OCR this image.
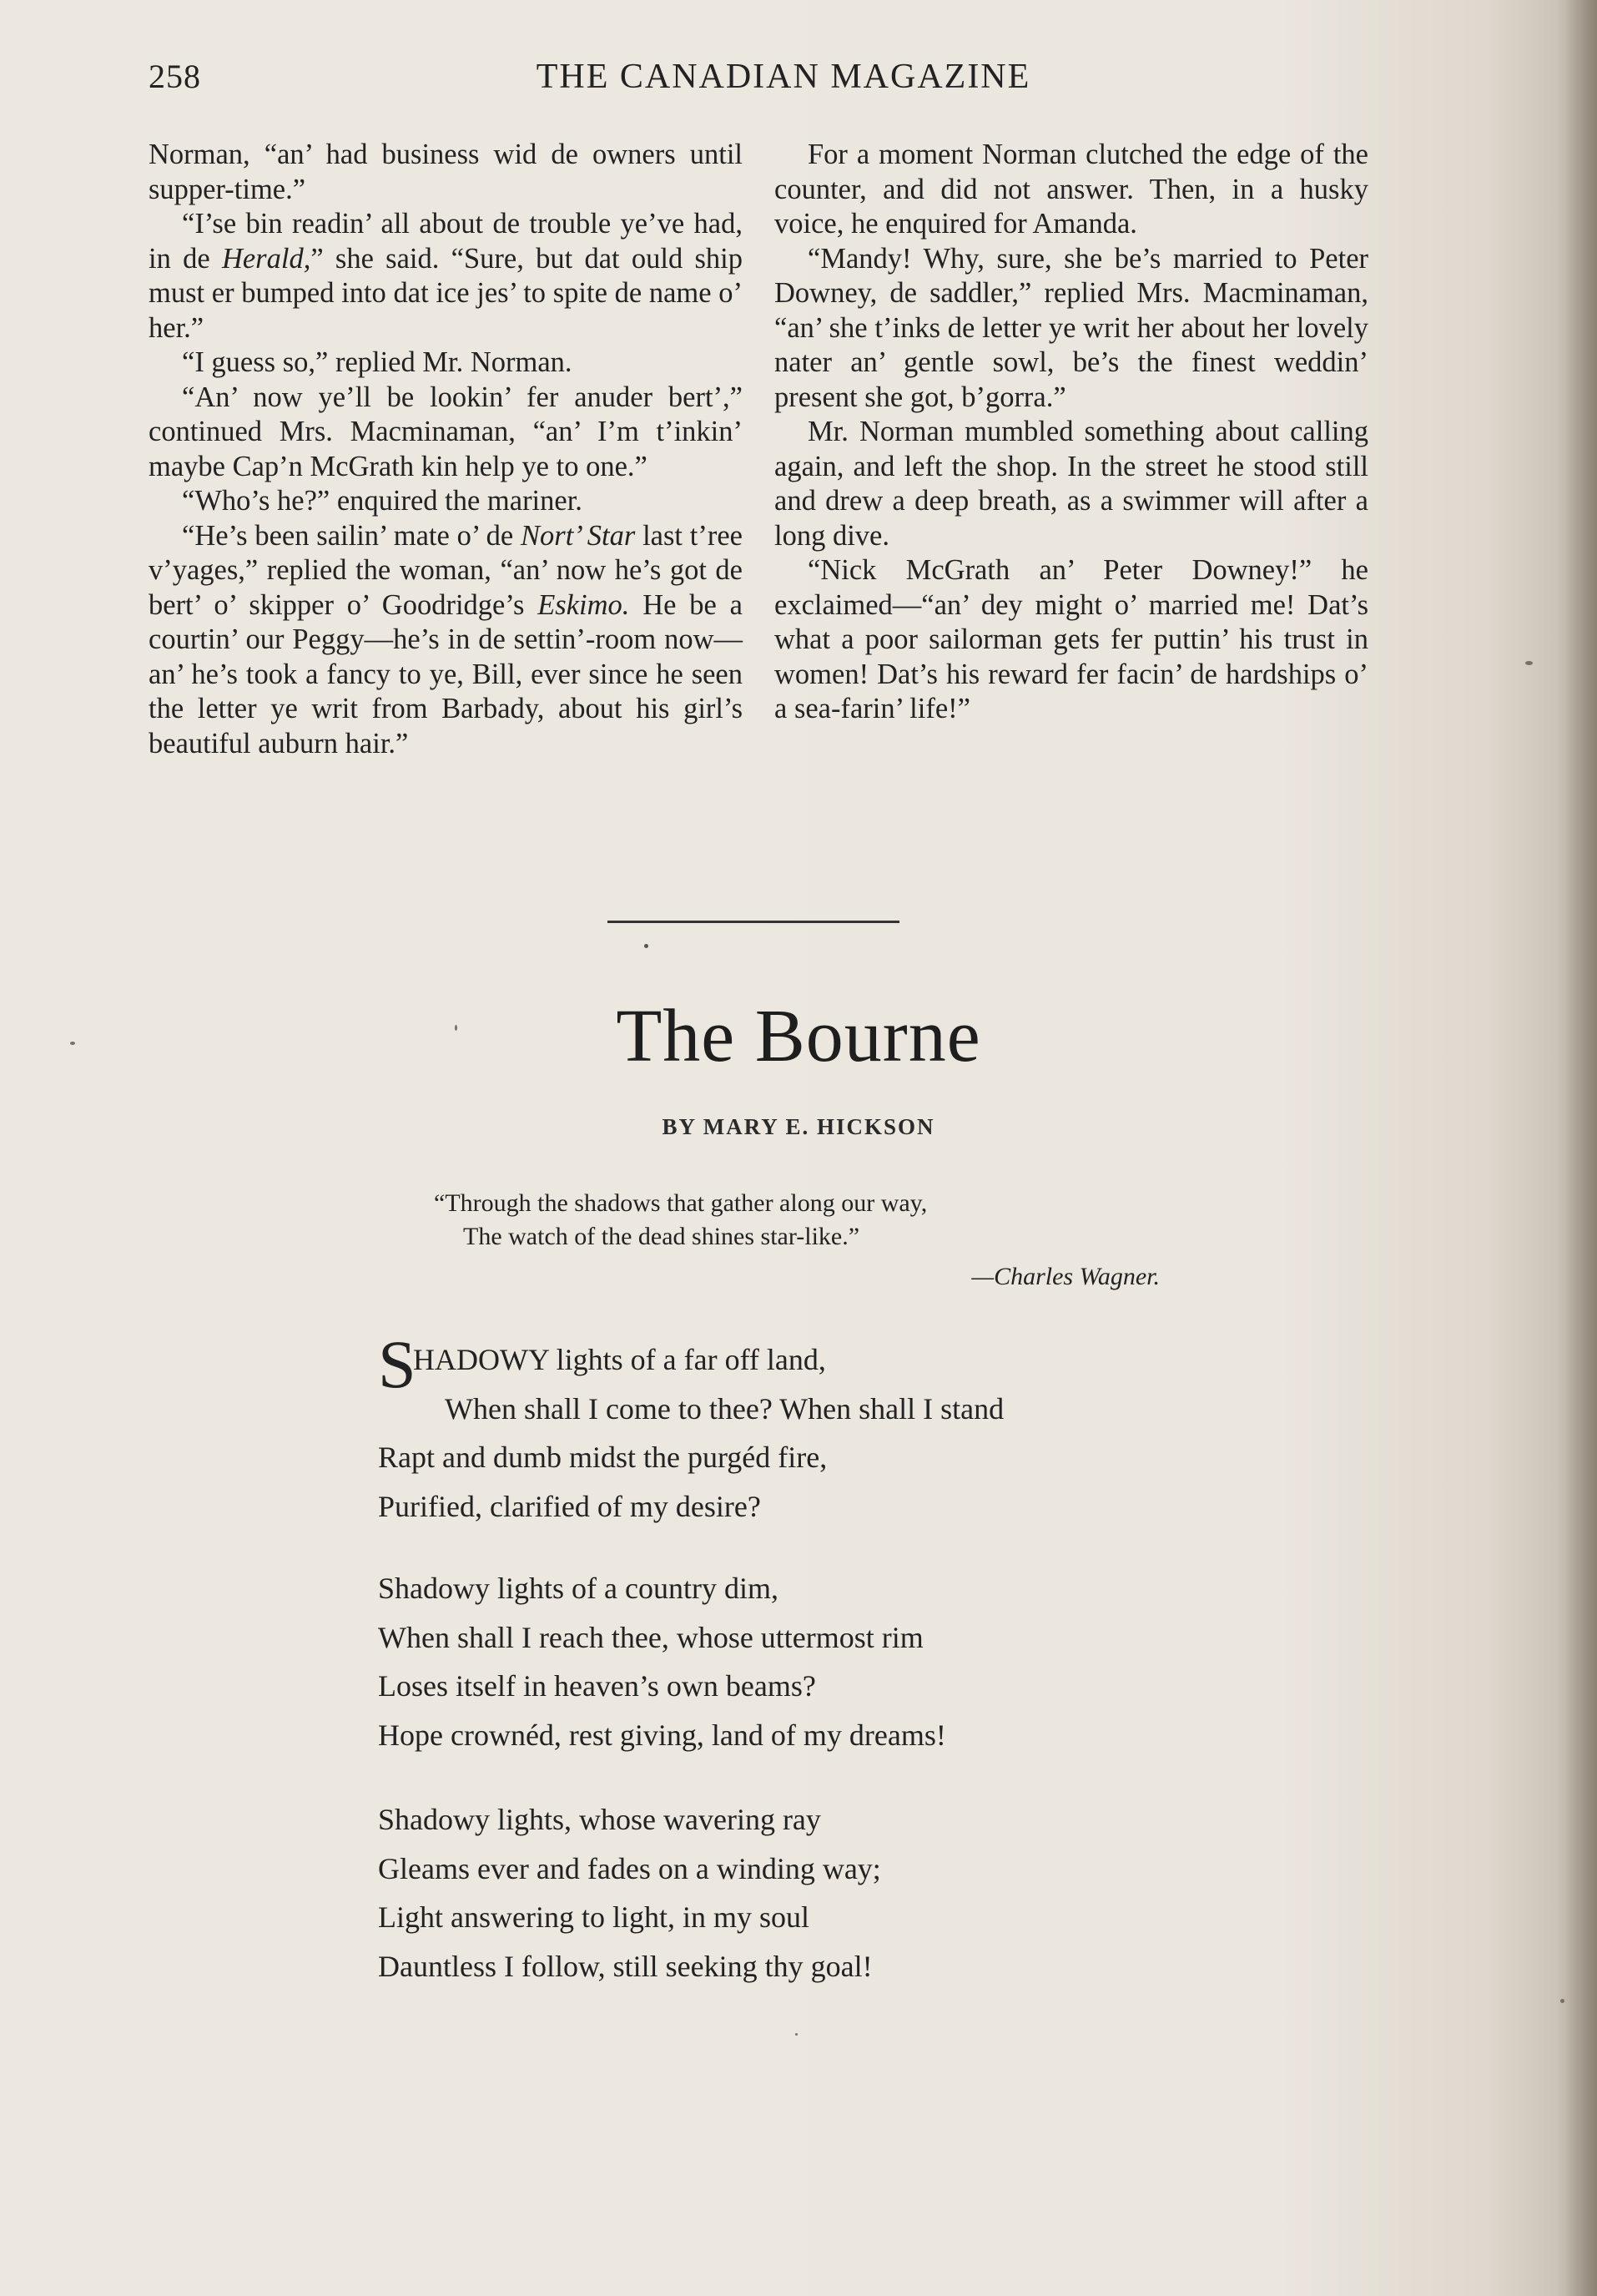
258	THE CANADIAN MAGAZINE

Norman, “an’ had business wid de owners until supper-time.”

“I’se bin readin’ all about de trouble ye’ve had, in de Herald,” she said. “Sure, but dat ould ship must er bumped into dat ice jes’ to spite de name o’ her.”

“I guess so,” replied Mr. Norman.

“An’ now ye’ll be lookin’ fer anuder bert’,” continued Mrs. Macminaman, “an’ I’m t’inkin’ maybe Cap’n McGrath kin help ye to one.”

“Who’s he?” enquired the mariner.

“He’s been sailin’ mate o’ de Nort’ Star last t’ree v’yages,” replied the woman, “an’ now he’s got de bert’ o’ skipper o’ Goodridge’s Eskimo. He be a courtin’ our Peggy—he’s in de settin’-room now—an’ he’s took a fancy to ye, Bill, ever since he seen the letter ye writ from Barbady, about his girl’s beautiful auburn hair.”

For a moment Norman clutched the edge of the counter, and did not answer. Then, in a husky voice, he enquired for Amanda.

“Mandy! Why, sure, she be’s married to Peter Downey, de saddler,” replied Mrs. Macminaman, “an’ she t’inks de letter ye writ her about her lovely nater an’ gentle sowl, be’s the finest weddin’ present she got, b’gorra.”

Mr. Norman mumbled something about calling again, and left the shop. In the street he stood still and drew a deep breath, as a swimmer will after a long dive.

“Nick McGrath an’ Peter Downey!” he exclaimed—“an’ dey might o’ married me! Dat’s what a poor sailorman gets fer puttin’ his trust in women! Dat’s his reward fer facin’ de hardships o’ a sea-farin’ life!”

The Bourne
BY MARY E. HICKSON
“Through the shadows that gather along our way,
The watch of the dead shines star-like.”
—Charles Wagner.
S
HADOWY lights of a far off land,
When shall I come to thee? When shall I stand
Rapt and dumb midst the purgéd fire,
Purified, clarified of my desire?
Shadowy lights of a country dim,
When shall I reach thee, whose uttermost rim
Loses itself in heaven’s own beams?
Hope crownéd, rest giving, land of my dreams!
Shadowy lights, whose wavering ray
Gleams ever and fades on a winding way;
Light answering to light, in my soul
Dauntless I follow, still seeking thy goal!
